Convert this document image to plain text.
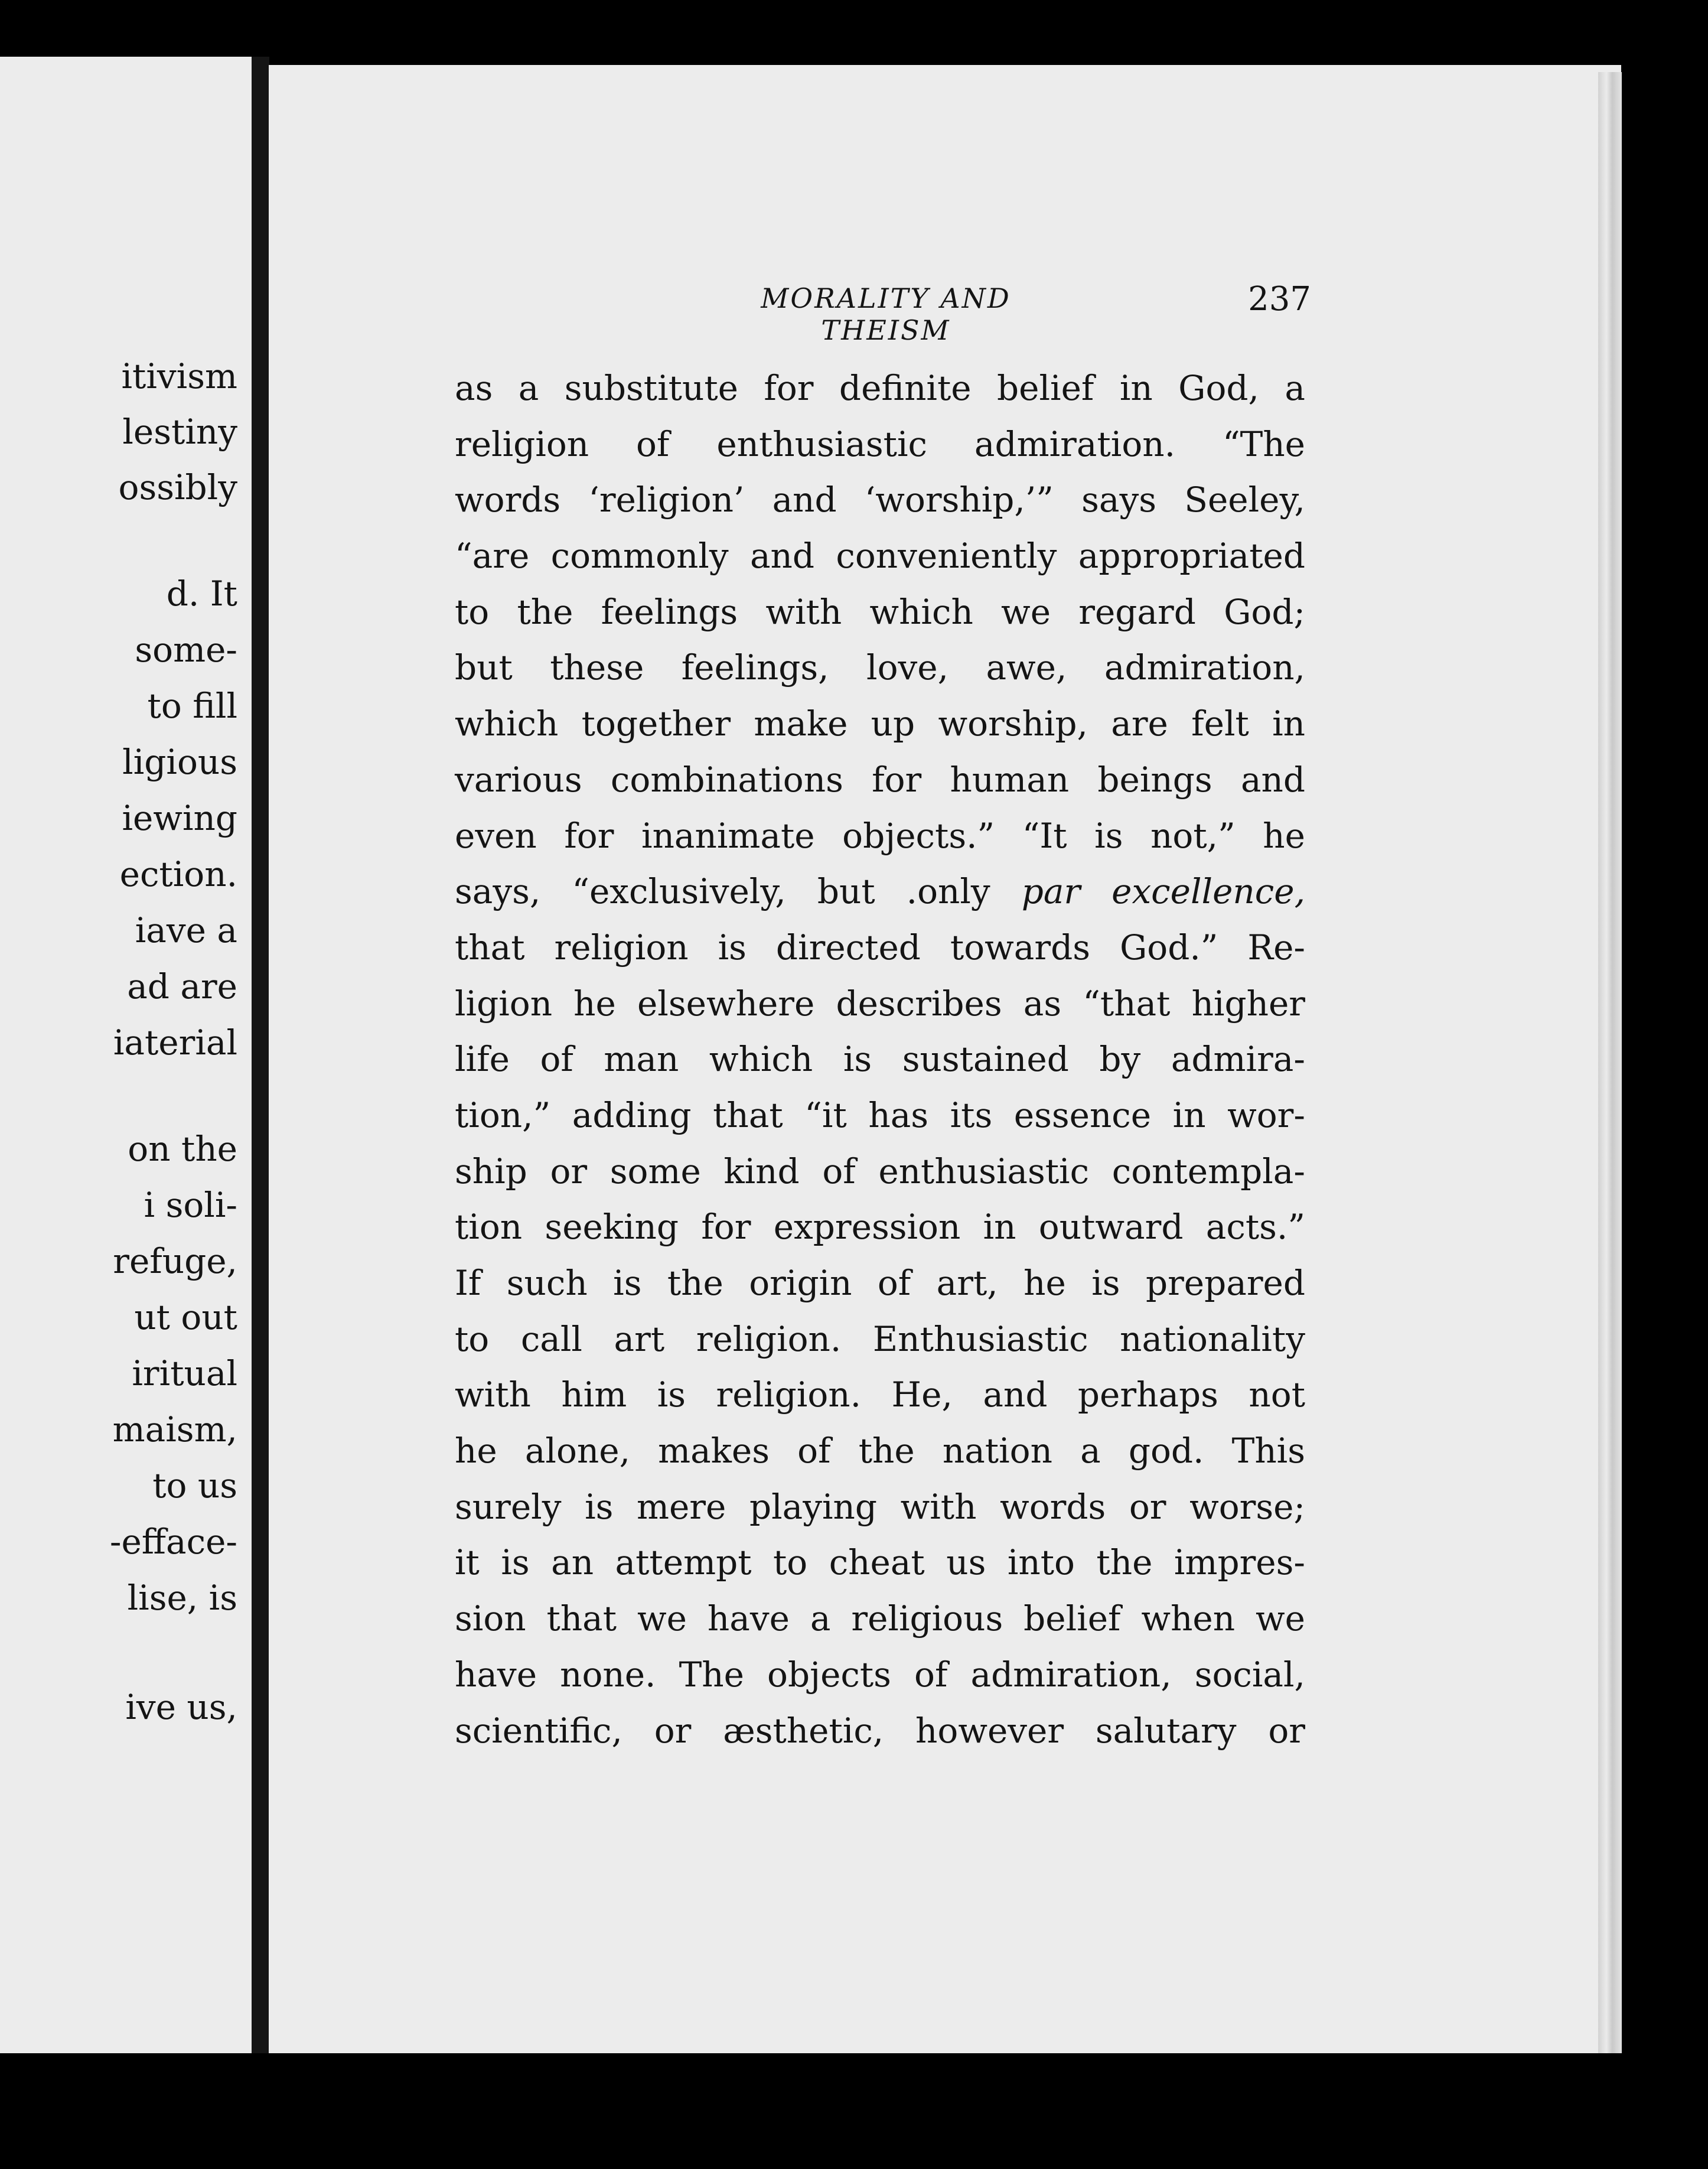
itivism
lestiny
ossibly
d. It
some-
to fill
ligious
iewing
ection.
iave a
ad are
iaterial
on the
i soli-
refuge,
ut out
iritual
maism,
to us
-efface-
lise, is
ive us,
MORALITY AND THEISM
237
as a substitute for definite belief in God, a
religion of enthusiastic admiration. “The
words ‘religion’ and ‘worship,’” says Seeley,
“are commonly and conveniently appropriated
to the feelings with which we regard God;
but these feelings, love, awe, admiration,
which together make up worship, are felt in
various combinations for human beings and
even for inanimate objects.” “It is not,” he
says, “exclusively, but .only par excellence,
that religion is directed towards God.” Re-
ligion he elsewhere describes as “that higher
life of man which is sustained by admira-
tion,” adding that “it has its essence in wor-
ship or some kind of enthusiastic contempla-
tion seeking for expression in outward acts.”
If such is the origin of art, he is prepared
to call art religion. Enthusiastic nationality
with him is religion. He, and perhaps not
he alone, makes of the nation a god. This
surely is mere playing with words or worse;
it is an attempt to cheat us into the impres-
sion that we have a religious belief when we
have none. The objects of admiration, social,
scientific, or æsthetic, however salutary or
